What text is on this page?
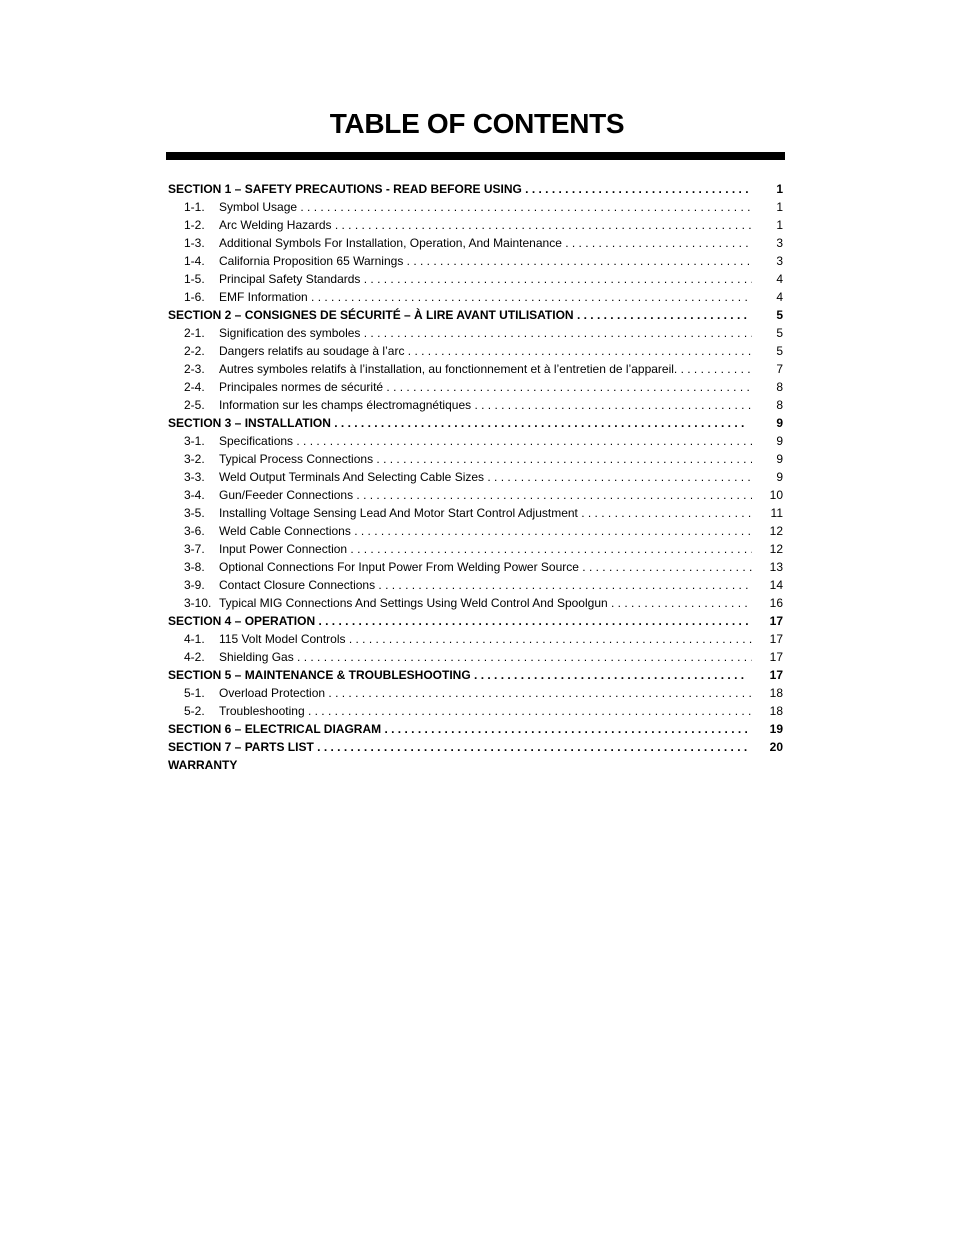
TABLE OF CONTENTS
SECTION 1 – SAFETY PRECAUTIONS - READ BEFORE USING . . .	1
1-1. Symbol Usage . . .	1
1-2. Arc Welding Hazards . . .	1
1-3. Additional Symbols For Installation, Operation, And Maintenance . . .	3
1-4. California Proposition 65 Warnings . . .	3
1-5. Principal Safety Standards . . .	4
1-6. EMF Information . . .	4
SECTION 2 – CONSIGNES DE SÉCURITÉ – À LIRE AVANT UTILISATION . . .	5
2-1. Signification des symboles . . .	5
2-2. Dangers relatifs au soudage à l’arc . . .	5
2-3. Autres symboles relatifs à l’installation, au fonctionnement et à l’entretien de l’appareil. . . .	7
2-4. Principales normes de sécurité . . .	8
2-5. Information sur les champs électromagnétiques . . .	8
SECTION 3 – INSTALLATION . . .	9
3-1. Specifications . . .	9
3-2. Typical Process Connections . . .	9
3-3. Weld Output Terminals And Selecting Cable Sizes . . .	9
3-4. Gun/Feeder Connections . . .	10
3-5. Installing Voltage Sensing Lead And Motor Start Control Adjustment . . .	11
3-6. Weld Cable Connections . . .	12
3-7. Input Power Connection . . .	12
3-8. Optional Connections For Input Power From Welding Power Source . . .	13
3-9. Contact Closure Connections . . .	14
3-10. Typical MIG Connections And Settings Using Weld Control And Spoolgun . . .	16
SECTION 4 – OPERATION . . .	17
4-1. 115 Volt Model Controls . . .	17
4-2. Shielding Gas . . .	17
SECTION 5 – MAINTENANCE & TROUBLESHOOTING . . .	17
5-1. Overload Protection . . .	18
5-2. Troubleshooting . . .	18
SECTION 6 – ELECTRICAL DIAGRAM . . .	19
SECTION 7 – PARTS LIST . . .	20
WARRANTY
